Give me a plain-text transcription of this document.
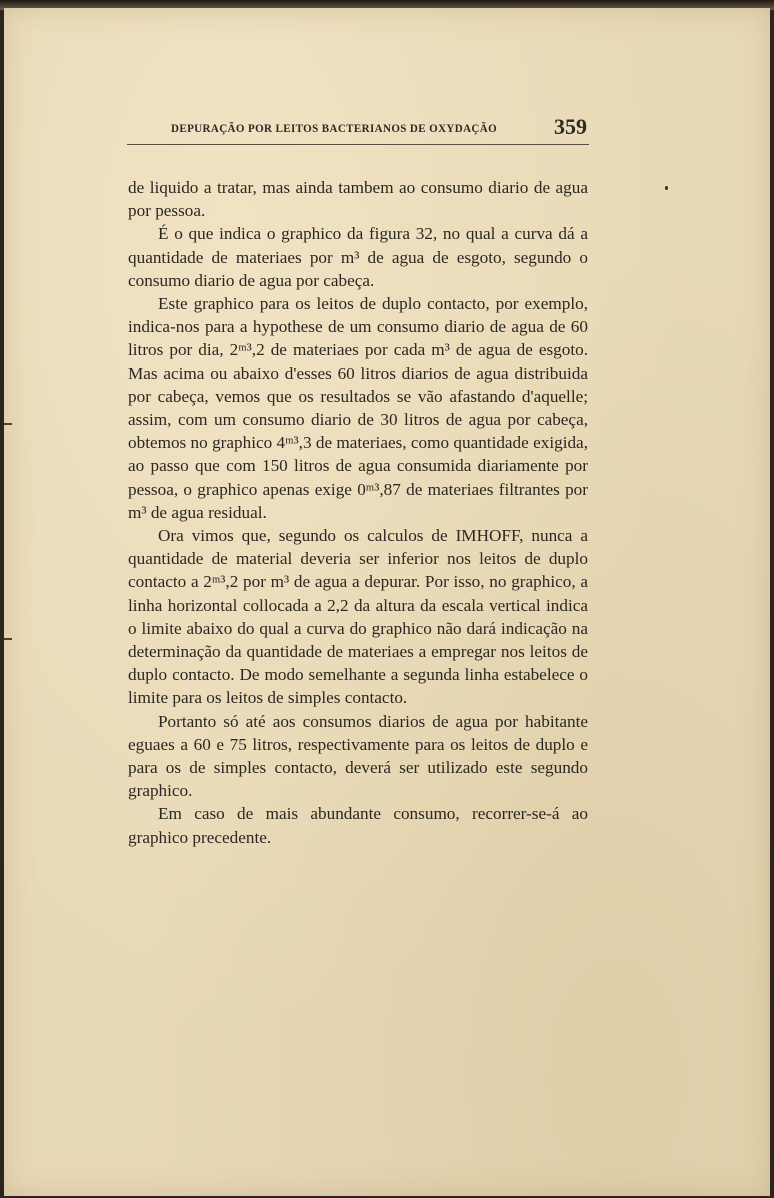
DEPURAÇÃO POR LEITOS BACTERIANOS DE OXYDAÇÃO	359

de liquido a tratar, mas ainda tambem ao consumo diario de agua por pessoa.

É o que indica o graphico da figura 32, no qual a curva dá a quantidade de materiaes por m³ de agua de esgoto, segundo o consumo diario de agua por cabeça.

Este graphico para os leitos de duplo contacto, por exemplo, indica-nos para a hypothese de um consumo diario de agua de 60 litros por dia, 2ᵐ³,2 de materiaes por cada m³ de agua de esgoto. Mas acima ou abaixo d'esses 60 litros diarios de agua distribuida por cabeça, vemos que os resultados se vão afastando d'aquelle; assim, com um consumo diario de 30 litros de agua por cabeça, obtemos no graphico 4ᵐ³,3 de materiaes, como quantidade exigida, ao passo que com 150 litros de agua consumida diariamente por pessoa, o graphico apenas exige 0ᵐ³,87 de materiaes filtrantes por m³ de agua residual.

Ora vimos que, segundo os calculos de IMHOFF, nunca a quantidade de material deveria ser inferior nos leitos de duplo contacto a 2ᵐ³,2 por m³ de agua a depurar. Por isso, no graphico, a linha horizontal collocada a 2,2 da altura da escala vertical indica o limite abaixo do qual a curva do graphico não dará indicação na determinação da quantidade de materiaes a empregar nos leitos de duplo contacto. De modo semelhante a segunda linha estabelece o limite para os leitos de simples contacto.

Portanto só até aos consumos diarios de agua por habitante eguaes a 60 e 75 litros, respectivamente para os leitos de duplo e para os de simples contacto, deverá ser utilizado este segundo graphico.

Em caso de mais abundante consumo, recorrer-se-á ao graphico precedente.
